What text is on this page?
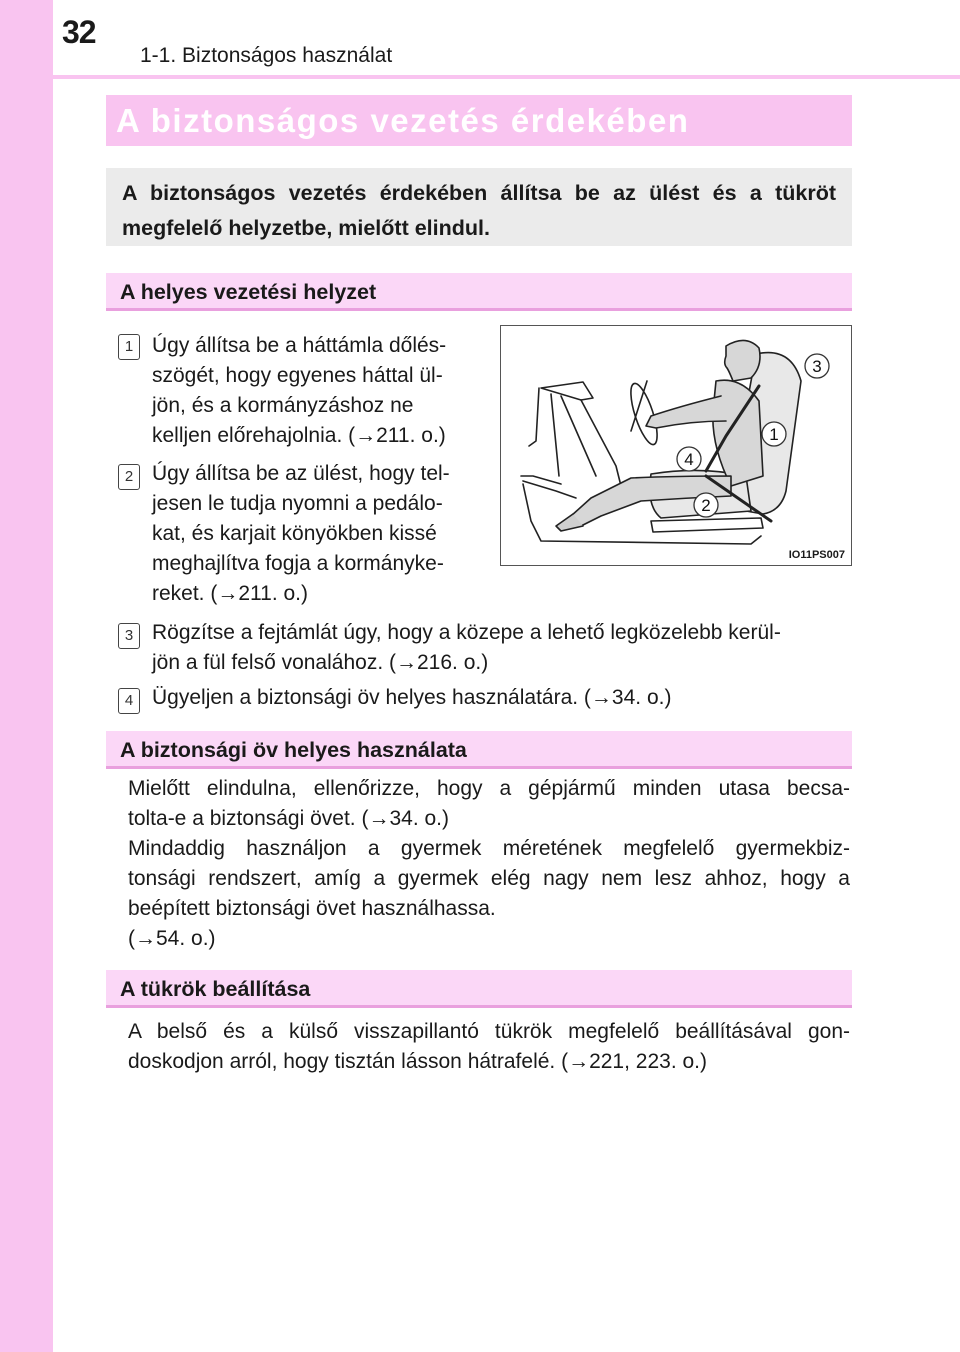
32
1-1. Biztonságos használat
A biztonságos vezetés érdekében
A biztonságos vezetés érdekében állítsa be az ülést és a tükröt
megfelelő helyzetbe, mielőtt elindul.
A helyes vezetési helyzet
1 Úgy állítsa be a háttámla dőlés-
szögét, hogy egyenes háttal ül-
jön, és a kormányzáshoz ne
kelljen előrehajolnia. (→211. o.)
2 Úgy állítsa be az ülést, hogy tel-
jesen le tudja nyomni a pedálo-
kat, és karjait könyökben kissé
meghajlítva fogja a kormányke-
reket. (→211. o.)
3
1
4
2
IO11PS007
3 Rögzítse a fejtámlát úgy, hogy a közepe a lehető legközelebb kerül-
jön a fül felső vonalához. (→216. o.)
4 Ügyeljen a biztonsági öv helyes használatára. (→34. o.)
A biztonsági öv helyes használata
Mielőtt elindulna, ellenőrizze, hogy a gépjármű minden utasa becsa-
tolta-e a biztonsági övet. (→34. o.)
Mindaddig használjon a gyermek méretének megfelelő gyermekbiz-
tonsági rendszert, amíg a gyermek elég nagy nem lesz ahhoz, hogy a
beépített biztonsági övet használhassa.
(→54. o.)
A tükrök beállítása
A belső és a külső visszapillantó tükrök megfelelő beállításával gon-
doskodjon arról, hogy tisztán lásson hátrafelé. (→221, 223. o.)
